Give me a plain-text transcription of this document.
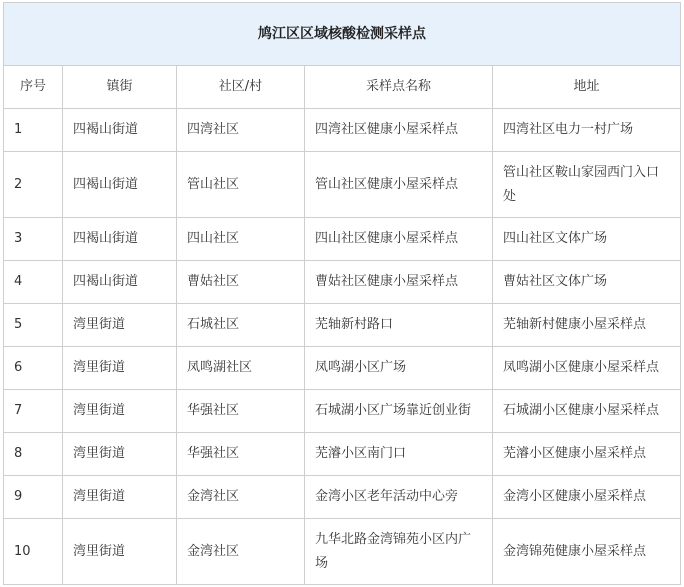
鸠江区区域核酸检测采样点				
序号	镇街	社区/村	采样点名称	地址
1	四褐山街道	四湾社区	四湾社区健康小屋采样点	四湾社区电力一村广场
2	四褐山街道	管山社区	管山社区健康小屋采样点	管山社区鞍山家园西门入口处
3	四褐山街道	四山社区	四山社区健康小屋采样点	四山社区文体广场
4	四褐山街道	曹姑社区	曹姑社区健康小屋采样点	曹姑社区文体广场
5	湾里街道	石城社区	芜轴新村路口	芜轴新村健康小屋采样点
6	湾里街道	凤鸣湖社区	凤鸣湖小区广场	凤鸣湖小区健康小屋采样点
7	湾里街道	华强社区	石城湖小区广场靠近创业街	石城湖小区健康小屋采样点
8	湾里街道	华强社区	芜濬小区南门口	芜濬小区健康小屋采样点
9	湾里街道	金湾社区	金湾小区老年活动中心旁	金湾小区健康小屋采样点
10	湾里街道	金湾社区	九华北路金湾锦苑小区内广场	金湾锦苑健康小屋采样点
